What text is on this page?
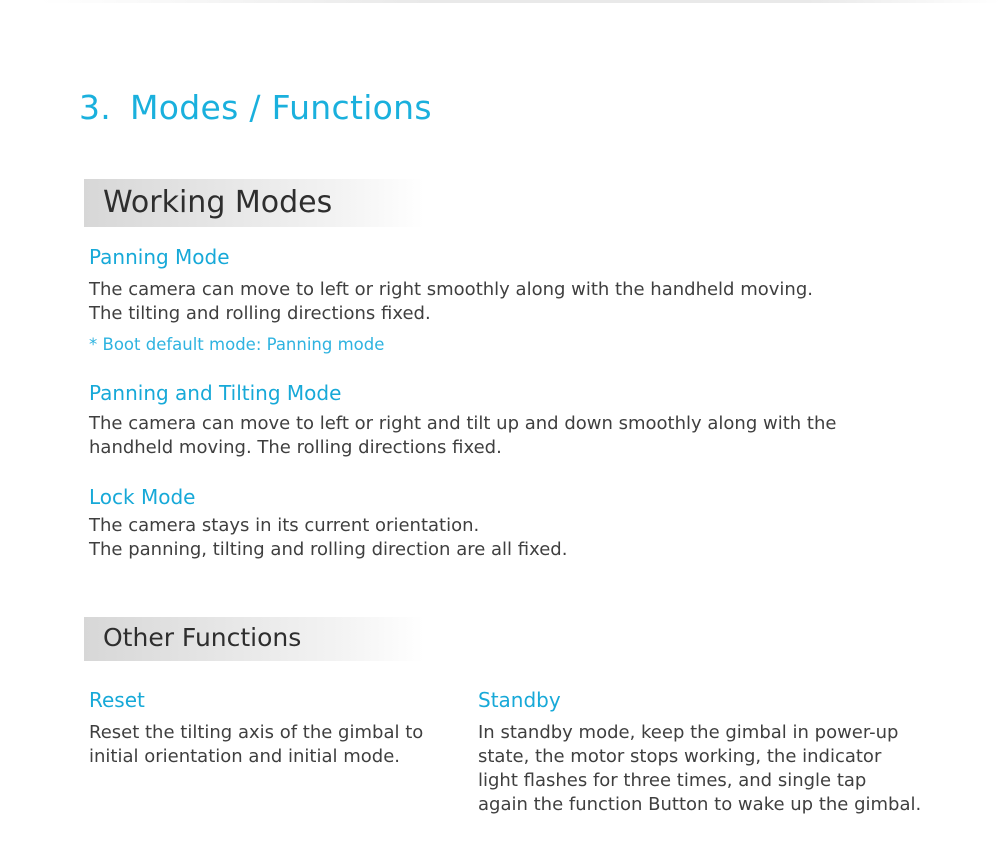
3. Modes / Functions
Working Modes
Panning Mode

The camera can move to left or right smoothly along with the handheld moving.
The tilting and rolling directions fixed.

* Boot default mode: Panning mode

Panning and Tilting Mode

The camera can move to left or right and tilt up and down smoothly along with the
handheld moving. The rolling directions fixed.

Lock Mode

The camera stays in its current orientation.
The panning, tilting and rolling direction are all fixed.

Other Functions
Reset

Reset the tilting axis of the gimbal to
initial orientation and initial mode.

Standby

In standby mode, keep the gimbal in power-up
state, the motor stops working, the indicator
light flashes for three times, and single tap
again the function Button to wake up the gimbal.
